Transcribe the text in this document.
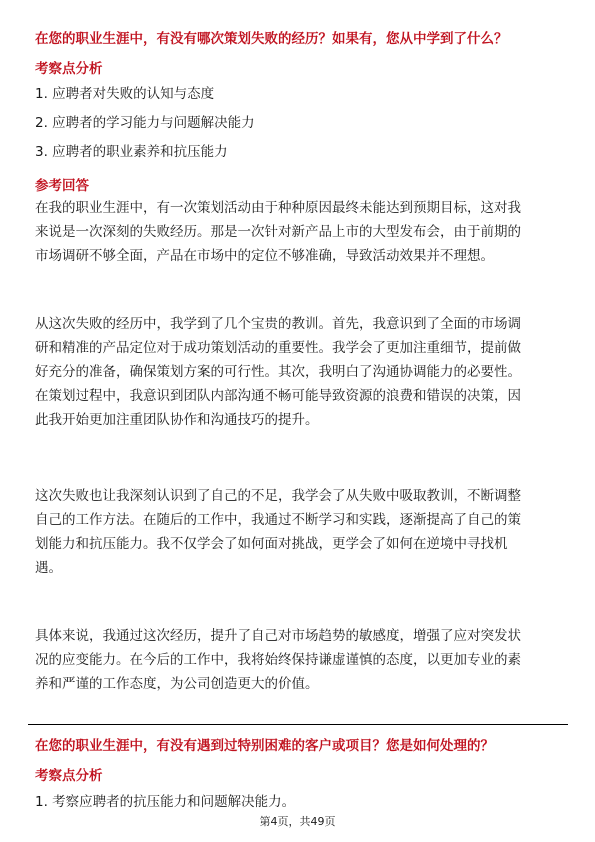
在您的职业生涯中，有没有哪次策划失败的经历？如果有，您从中学到了什么？
考察点分析
1. 应聘者对失败的认知与态度
2. 应聘者的学习能力与问题解决能力
3. 应聘者的职业素养和抗压能力
参考回答
在我的职业生涯中，有一次策划活动由于种种原因最终未能达到预期目标，这对我
来说是一次深刻的失败经历。那是一次针对新产品上市的大型发布会，由于前期的
市场调研不够全面，产品在市场中的定位不够准确，导致活动效果并不理想。
从这次失败的经历中，我学到了几个宝贵的教训。首先，我意识到了全面的市场调
研和精准的产品定位对于成功策划活动的重要性。我学会了更加注重细节，提前做
好充分的准备，确保策划方案的可行性。其次，我明白了沟通协调能力的必要性。
在策划过程中，我意识到团队内部沟通不畅可能导致资源的浪费和错误的决策，因
此我开始更加注重团队协作和沟通技巧的提升。
这次失败也让我深刻认识到了自己的不足，我学会了从失败中吸取教训，不断调整
自己的工作方法。在随后的工作中，我通过不断学习和实践，逐渐提高了自己的策
划能力和抗压能力。我不仅学会了如何面对挑战，更学会了如何在逆境中寻找机
遇。
具体来说，我通过这次经历，提升了自己对市场趋势的敏感度，增强了应对突发状
况的应变能力。在今后的工作中，我将始终保持谦虚谨慎的态度，以更加专业的素
养和严谨的工作态度，为公司创造更大的价值。
在您的职业生涯中，有没有遇到过特别困难的客户或项目？您是如何处理的？
考察点分析
1. 考察应聘者的抗压能力和问题解决能力。
第4页，共49页
